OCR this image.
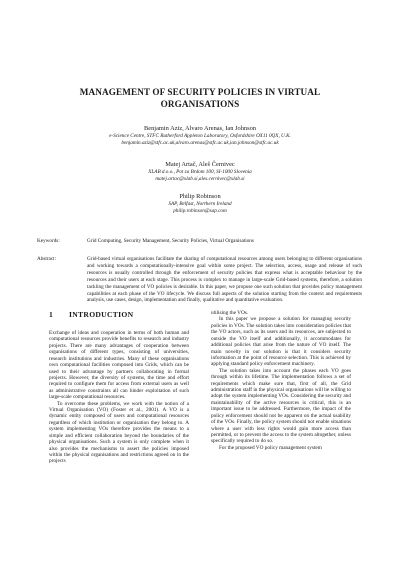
MANAGEMENT OF SECURITY POLICIES IN VIRTUAL ORGANISATIONS
Benjamin Aziz, Alvaro Arenas, Ian Johnson
e-Science Centre, STFC Rutherford Appleton Laboratory, Oxfordshire OX11 0QX, U.K.
benjamin.aziz@stfc.ac.uk,alvaro.arenas@stfc.ac.uk,ian.johnson@stfc.ac.uk
Matej Artač, Aleš Černivec
XLAB d.o.o., Pot za Brdom 100, SI-1000 Slovenia
matej.artac@xlab.si,ales.cernivec@xlab.si
Philip Robinson
SAP, Belfast, Northern Ireland
philip.robinson@sap.com
Keywords:	Grid Computing, Security Management, Security Policies, Virtual Organisations
Abstract:	Grid-based virtual organisations facilitate the sharing of computational resources among users belonging to different organisations and working towards a computationally-intensive goal within some project. The selection, access, usage and release of such resources is usually controlled through the enforcement of security policies that express what is acceptable behaviour by the resources and their users at each stage. This process is complex to manage in large-scale Grid-based systems, therefore, a solution tackling the management of VO policies is desirable. In this paper, we propose one such solution that provides policy management capabilities at each phase of the VO lifecycle. We discuss full aspects of the solution starting from the context and requirements analysis, use cases, design, implementation and finally, qualitative and quantitative evaluation.
1 INTRODUCTION

Exchange of ideas and cooperation in terms of both human and computational resources provide benefits to research and industry projects. There are many advantages of cooperation between organisations of different types, consisting of universities, research institutions and industries. Many of these organisations own computational facilities composed into Grids, which can be used to their advantage by partners collaborating in formal projects. However, the diversity of systems, the time and effort required to configure them for access from external users as well as administrative constraints all can hinder exploitation of such large-scale computational resources.

To overcome these problems, we work with the notion of a Virtual Organisation (VO) (Foster et al., 2001). A VO is a dynamic entity composed of users and computational resources regardless of which institution or organisation they belong to. A system implementing VOs therefore provides the means to a simple and efficient collaboration beyond the boundaries of the physical organisations. Such a system is only complete when it also provides the mechanisms to assert the policies imposed within the physical organisations and restrictions agreed on in the projects

utilising the VOs.

In this paper we propose a solution for managing security policies in VOs. The solution takes into consideration policies that the VO actors, such as its users and its resources, are subjected to outside the VO itself and additionally, it accommodates for additional policies that arise from the nature of VO itself. The main novelty in our solution is that it considers security information at the point of resource selection. This is achieved by applying standard policy enforcement machinery.

The solution takes into account the phases each VO goes through within its lifetime. The implementation follows a set of requirements which make sure that, first of all, the Grid administration staff in the physical organisations will be willing to adopt the system implementing VOs. Considering the security and maintainability of the active resources is critical, this is an important issue to be addressed. Furthermore, the impact of the policy enforcement should not be apparent on the actual usability of the VOs. Finally, the policy system should not enable situations where a user with less rights would gain more access than permitted, or to prevent the access to the system altogether, unless specifically required to do so.

For the proposed VO policy management system
